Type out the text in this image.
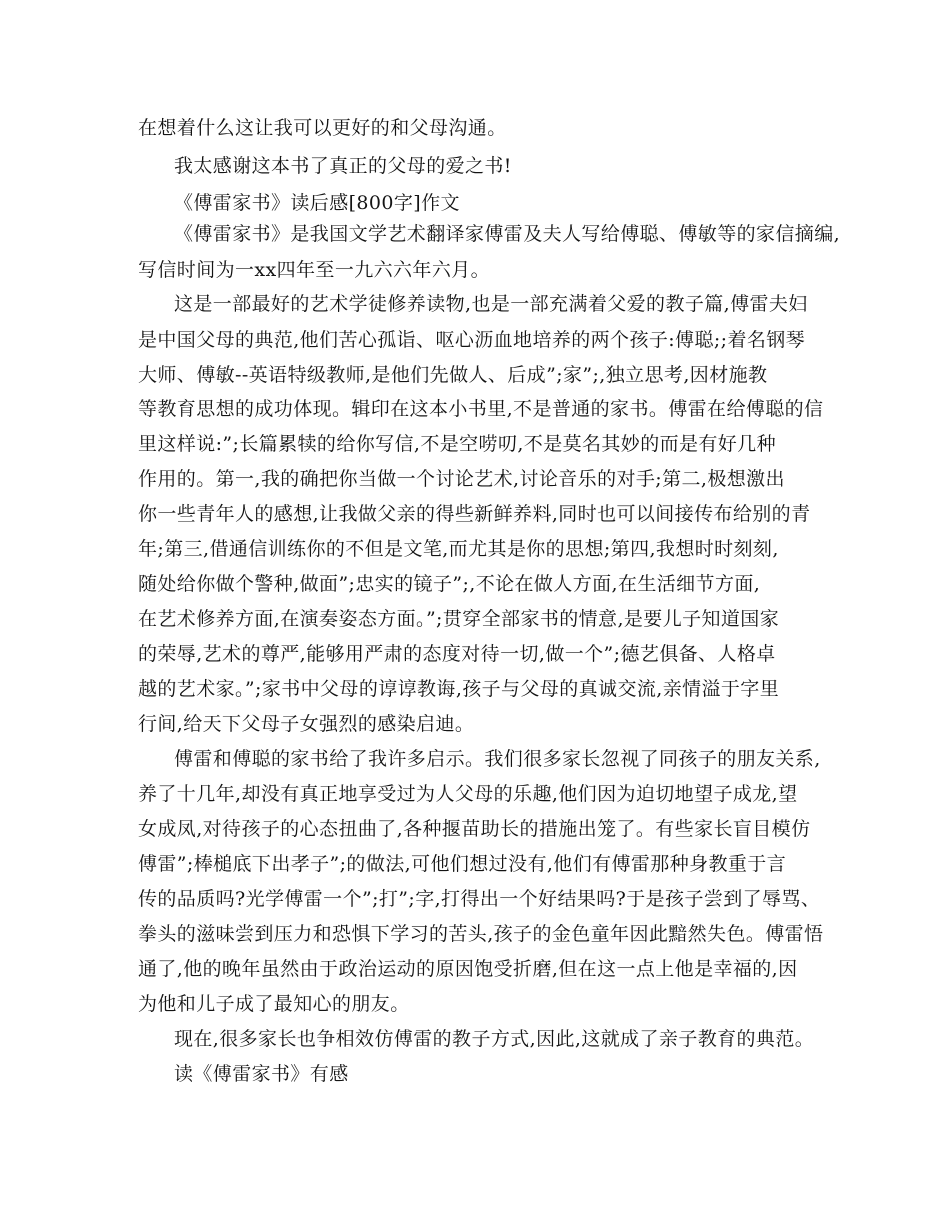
在想着什么这让我可以更好的和父母沟通。
我太感谢这本书了真正的父母的爱之书!
《傅雷家书》读后感[800字]作文
《傅雷家书》是我国文学艺术翻译家傅雷及夫人写给傅聪、傅敏等的家信摘编,
写信时间为一xx四年至一九六六年六月。
这是一部最好的艺术学徒修养读物,也是一部充满着父爱的教子篇,傅雷夫妇
是中国父母的典范,他们苦心孤诣、呕心沥血地培养的两个孩子:傅聪;;着名钢琴
大师、傅敏--英语特级教师,是他们先做人、后成”;家”;,独立思考,因材施教
等教育思想的成功体现。辑印在这本小书里,不是普通的家书。傅雷在给傅聪的信
里这样说:”;长篇累犊的给你写信,不是空唠叨,不是莫名其妙的而是有好几种
作用的。第一,我的确把你当做一个讨论艺术,讨论音乐的对手;第二,极想激出
你一些青年人的感想,让我做父亲的得些新鲜养料,同时也可以间接传布给别的青
年;第三,借通信训练你的不但是文笔,而尤其是你的思想;第四,我想时时刻刻,
随处给你做个警种,做面”;忠实的镜子”;,不论在做人方面,在生活细节方面,
在艺术修养方面,在演奏姿态方面。”;贯穿全部家书的情意,是要儿子知道国家
的荣辱,艺术的尊严,能够用严肃的态度对待一切,做一个”;德艺俱备、人格卓
越的艺术家。”;家书中父母的谆谆教诲,孩子与父母的真诚交流,亲情溢于字里
行间,给天下父母子女强烈的感染启迪。
傅雷和傅聪的家书给了我许多启示。我们很多家长忽视了同孩子的朋友关系,
养了十几年,却没有真正地享受过为人父母的乐趣,他们因为迫切地望子成龙,望
女成凤,对待孩子的心态扭曲了,各种揠苗助长的措施出笼了。有些家长盲目模仿
傅雷”;棒槌底下出孝子”;的做法,可他们想过没有,他们有傅雷那种身教重于言
传的品质吗?光学傅雷一个”;打”;字,打得出一个好结果吗?于是孩子尝到了辱骂、
拳头的滋味尝到压力和恐惧下学习的苦头,孩子的金色童年因此黯然失色。傅雷悟
通了,他的晚年虽然由于政治运动的原因饱受折磨,但在这一点上他是幸福的,因
为他和儿子成了最知心的朋友。
现在,很多家长也争相效仿傅雷的教子方式,因此,这就成了亲子教育的典范。
读《傅雷家书》有感
